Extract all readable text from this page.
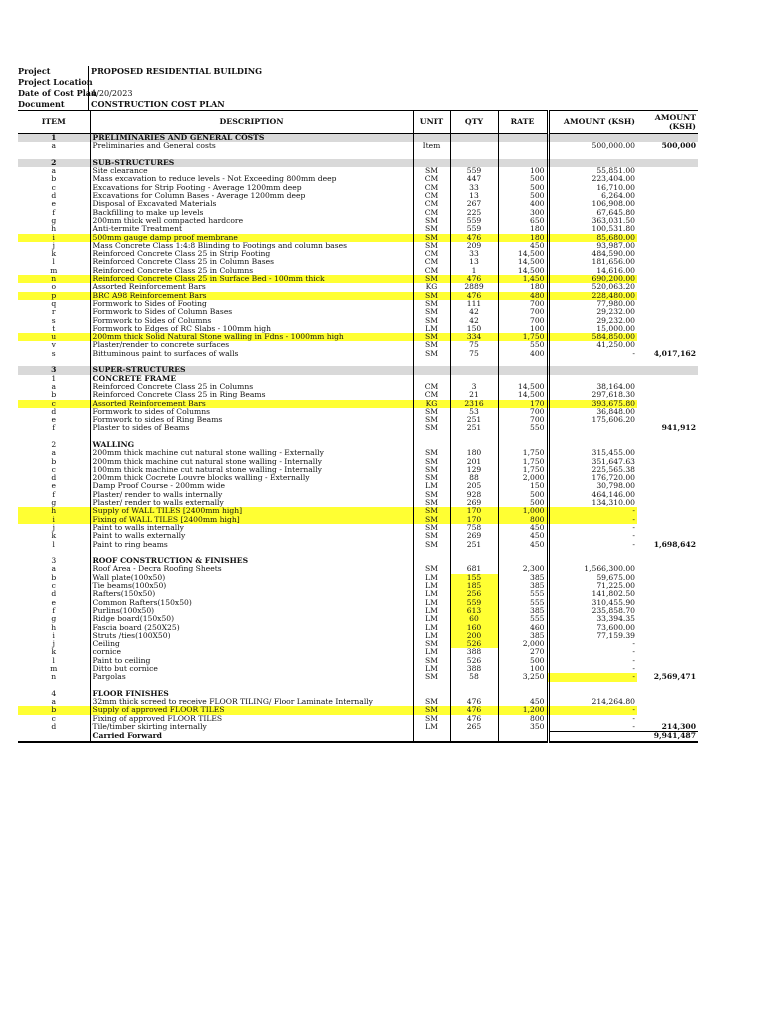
Project	PROPOSED RESIDENTIAL BUILDING
Project Location
Date of Cost Plan
4/20/2023
Document	CONSTRUCTION COST PLAN
ITEM	DESCRIPTION	UNIT	QTY	RATE	AMOUNT (KSH)	AMOUNT (KSH)
1	PRELIMINARIES AND GENERAL COSTS					
a	Preliminaries and General costs	Item			500,000.00	500,000

2	SUB-STRUCTURES					
a	Site clearance	SM	559	100	55,851.00	
b	Mass excavation to reduce levels - Not Exceeding 800mm deep	CM	447	500	223,404.00	
c	Excavations for Strip Footing - Average 1200mm deep	CM	33	500	16,710.00	
d	Excavations for Column Bases - Average 1200mm deep	CM	13	500	6,264.00	
e	Disposal of Excavated Materials	CM	267	400	106,908.00	
f	Backfilling to make up levels	CM	225	300	67,645.80	
g	200mm thick well compacted hardcore	SM	559	650	363,031.50	
h	Anti-termite Treatment	SM	559	180	100,531.80	
i	500mm gauge damp proof membrane	SM	476	180	85,680.00	
j	Mass Concrete Class 1:4:8 Blinding to Footings and column bases	SM	209	450	93,987.00	
k	Reinforced Concrete Class 25 in Strip Footing	CM	33	14,500	484,590.00	
l	Reinforced Concrete Class 25 in Column Bases	CM	13	14,500	181,656.00	
m	Reinforced Concrete Class 25 in Columns	CM	1	14,500	14,616.00	
n	Reinforced Concrete Class 25 in Surface Bed - 100mm thick	SM	476	1,450	690,200.00	
o	Assorted Reinforcement Bars	KG	2889	180	520,063.20	
p	BRC A98 Reinforcement Bars	SM	476	480	228,480.00	
q	Formwork to Sides of Footing	SM	111	700	77,980.00	
r	Formwork to Sides of Column Bases	SM	42	700	29,232.00	
s	Formwork to Sides of Columns	SM	42	700	29,232.00	
t	Formwork to Edges of RC Slabs - 100mm high	LM	150	100	15,000.00	
u	200mm thick Solid Natural Stone walling in Fdns - 1000mm high	SM	334	1,750	584,850.00	
v	Plaster/render to concrete surfaces	SM	75	550	41,250.00	
s	Bittuminous paint to surfaces of walls	SM	75	400	-	4,017,162

3	SUPER-STRUCTURES					
1	CONCRETE FRAME					
a	Reinforced Concrete Class 25 in Columns	CM	3	14,500	38,164.00	
b	Reinforced Concrete Class 25 in Ring Beams	CM	21	14,500	297,618.30	
c	Assorted Reinforcement Bars	KG	2316	170	393,675.80	
d	Formwork to sides of Columns	SM	53	700	36,848.00	
e	Formwork to sides of Ring Beams	SM	251	700	175,606.20	
f	Plaster to sides of Beams	SM	251	550		941,912

2	WALLING					
a	200mm thick machine cut natural stone walling - Externally	SM	180	1,750	315,455.00	
b	200mm thick machine cut natural stone walling - Internally	SM	201	1,750	351,647.63	
c	100mm thick machine cut natural stone walling - Internally	SM	129	1,750	225,565.38	
d	200mm thick Cocrete Louvre blocks walling - Externally	SM	88	2,000	176,720.00	
e	Damp Proof Course - 200mm wide	LM	205	150	30,798.00	
f	Plaster/ render to walls internally	SM	928	500	464,146.00	
g	Plaster/ render to walls externally	SM	269	500	134,310.00	
h	Supply of WALL TILES [2400mm high]	SM	170	1,000	-	
i	Fixing of WALL TILES [2400mm high]	SM	170	800	-	
j	Paint to walls internally	SM	758	450	-	
k	Paint to walls externally	SM	269	450	-	
l	Paint to ring beams	SM	251	450	-	1,698,642

3	ROOF CONSTRUCTION & FINISHES					
a	Roof Area - Decra Roofing Sheets	SM	681	2,300	1,566,300.00	
b	Wall plate(100x50)	LM	155	385	59,675.00	
c	Tie beams(100x50)	LM	185	385	71,225.00	
d	Rafters(150x50)	LM	256	555	141,802.50	
e	Common Rafters(150x50)	LM	559	555	310,455.90	
f	Purlins(100x50)	LM	613	385	235,858.70	
g	Ridge board(150x50)	LM	60	555	33,394.35	
h	Fascia board (250X25)	LM	160	460	73,600.00	
i	Struts /ties(100X50)	LM	200	385	77,159.39	
j	Ceiling	SM	526	2,000	-	
k	cornice	LM	388	270	-	
l	Paint to ceiling	SM	526	500	-	
m	Ditto but cornice	LM	388	100	-	
n	Pargolas	SM	58	3,250	-	2,569,471

4	FLOOR FINISHES					
a	32mm thick screed to receive FLOOR TILING/ Floor Laminate Internally	SM	476	450	214,264.80	
b	Supply of approved FLOOR TILES	SM	476	1,200	-	
c	Fixing of approved FLOOR TILES	SM	476	800	-	
d	Tile/timber skirting internally	LM	265	350	-	214,300
	Carried Forward					9,941,487
